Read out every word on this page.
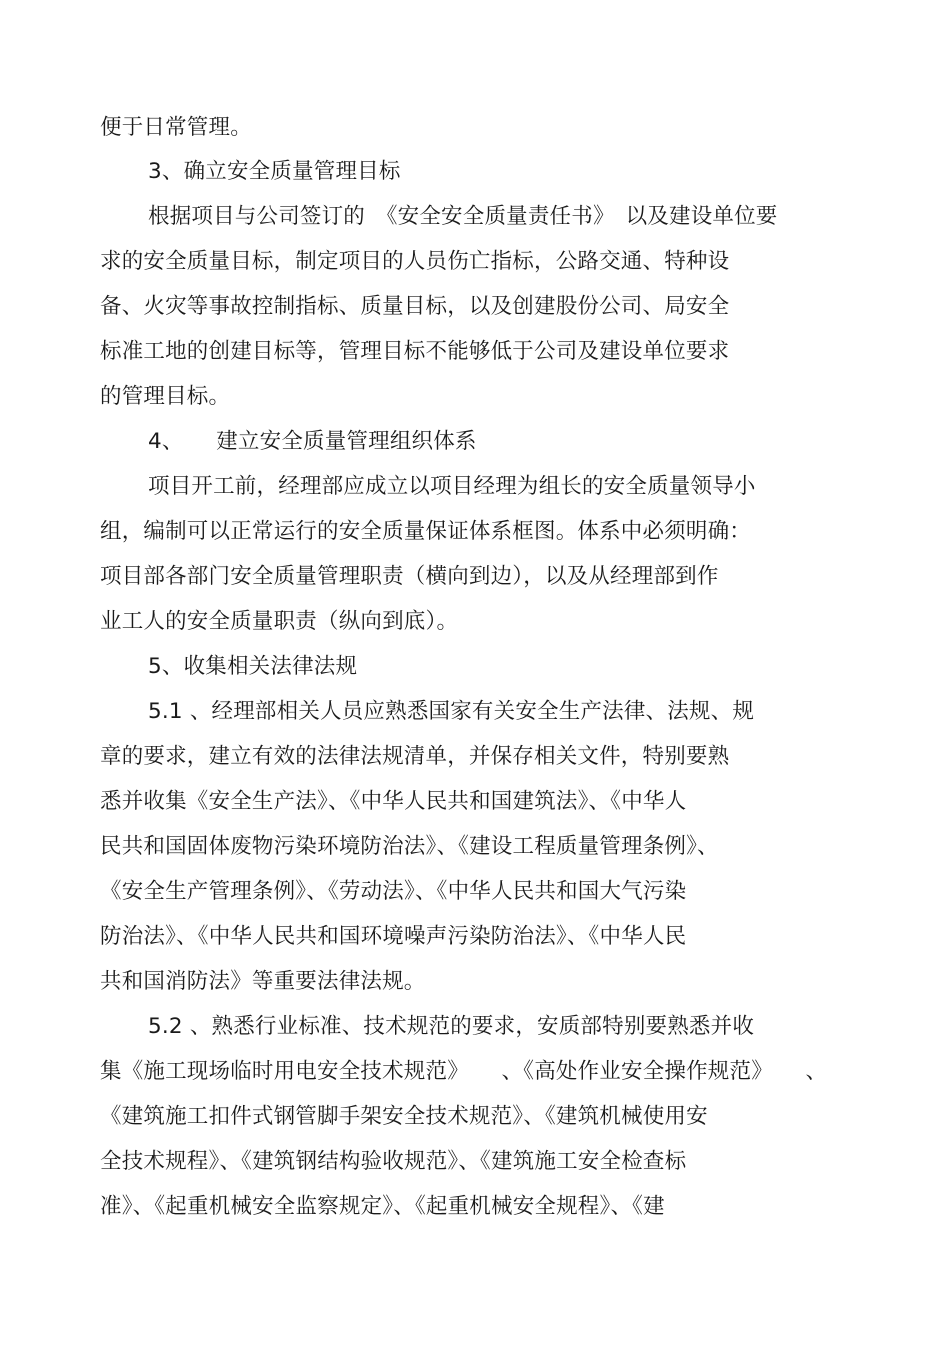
便于日常管理。
3、确立安全质量管理目标
根据项目与公司签订的　《安全安全质量责任书》　以及建设单位要
求的安全质量目标，制定项目的人员伤亡指标，公路交通、特种设
备、火灾等事故控制指标、质量目标，以及创建股份公司、局安全
标准工地的创建目标等，管理目标不能够低于公司及建设单位要求
的管理目标。
4、　　建立安全质量管理组织体系
项目开工前，经理部应成立以项目经理为组长的安全质量领导小
组，编制可以正常运行的安全质量保证体系框图。体系中必须明确：
项目部各部门安全质量管理职责（横向到边），以及从经理部到作
业工人的安全质量职责（纵向到底）。
5、收集相关法律法规
5.1 、经理部相关人员应熟悉国家有关安全生产法律、法规、规
章的要求，建立有效的法律法规清单，并保存相关文件，特别要熟
悉并收集《安全生产法》、《中华人民共和国建筑法》、《中华人
民共和国固体废物污染环境防治法》、《建设工程质量管理条例》、
《安全生产管理条例》、《劳动法》、《中华人民共和国大气污染
防治法》、《中华人民共和国环境噪声污染防治法》、《中华人民
共和国消防法》等重要法律法规。
5.2 、熟悉行业标准、技术规范的要求，安质部特别要熟悉并收
集《施工现场临时用电安全技术规范》　　、《高处作业安全操作规范》　　、
《建筑施工扣件式钢管脚手架安全技术规范》、《建筑机械使用安
全技术规程》、《建筑钢结构验收规范》、《建筑施工安全检查标
准》、《起重机械安全监察规定》、《起重机械安全规程》、《建
